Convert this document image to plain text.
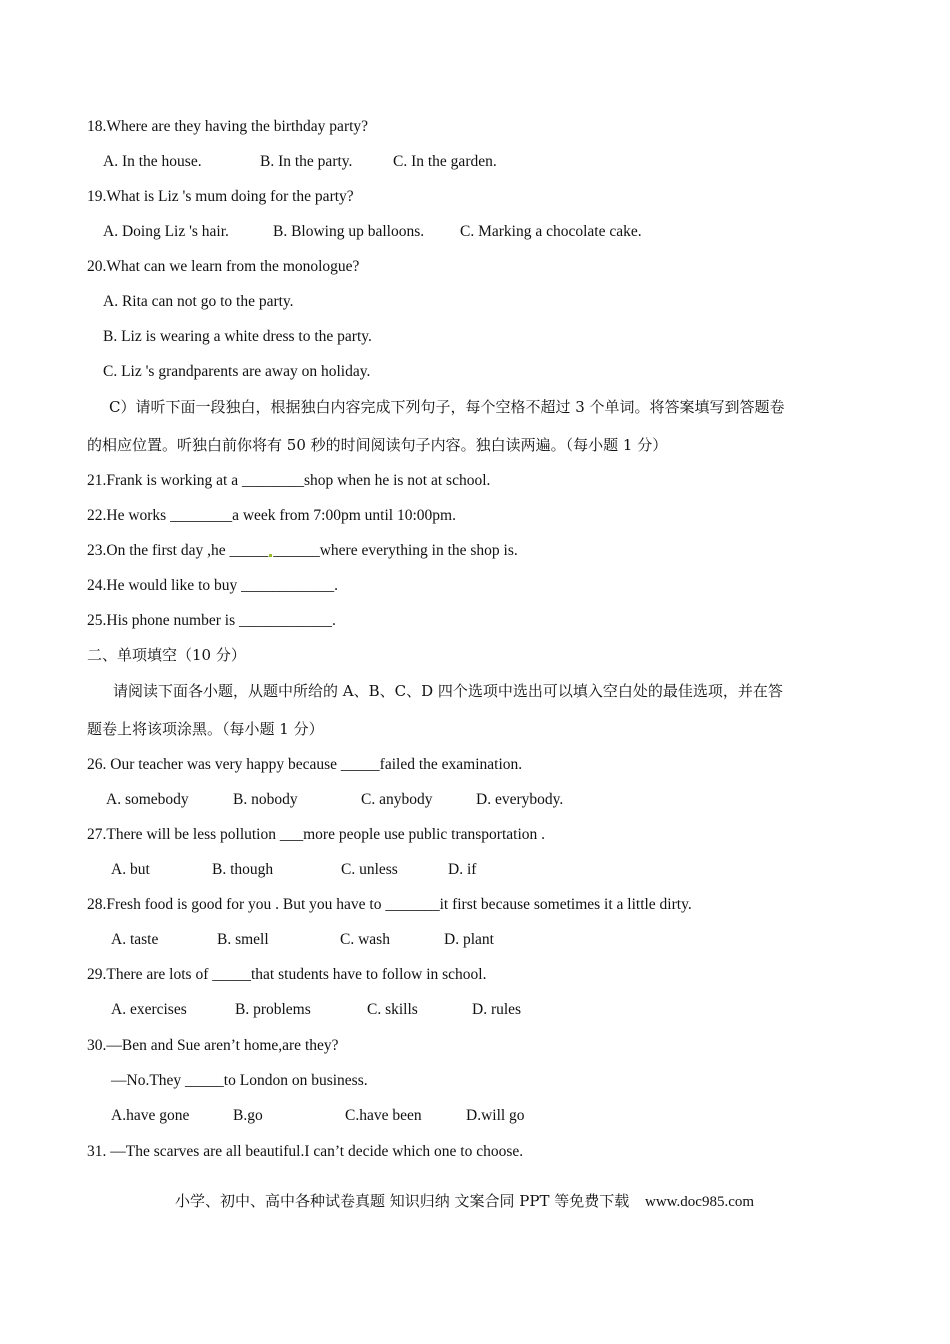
18.Where are they having the birthday party?
A. In the house.	B. In the party.	C. In the garden.
19.What is Liz 's mum doing for the party?
A. Doing Liz 's hair.	B. Blowing up balloons. C. Marking a chocolate cake.
20.What can we learn from the monologue?
A. Rita can not go to the party.
B. Liz is wearing a white dress to the party.
C. Liz 's grandparents are away on holiday.
C）请听下面一段独白，根据独白内容完成下列句子，每个空格不超过 3 个单词。将答案填写到答题卷
的相应位置。听独白前你将有 50 秒的时间阅读句子内容。独白读两遍。（每小题 1 分）
21.Frank is working at a ________shop when he is not at school.
22.He works ________a week from 7:00pm until 10:00pm.
23.On the first day ,he _____ ______where everything in the shop is.
24.He would like to buy ____________.
25.His phone number is ____________.
二、单项填空（10 分）
请阅读下面各小题，从题中所给的 A、B、C、D 四个选项中选出可以填入空白处的最佳选项，并在答
题卷上将该项涂黑。（每小题 1 分）
26. Our teacher was very happy because _____failed the examination.
A. somebody	B. nobody	C. anybody	D. everybody.
27.There will be less pollution ___more people use public transportation .
A. but	B. though	C. unless	D. if
28.Fresh food is good for you . But you have to _______it first because sometimes it a little dirty.
A. taste	B. smell	C. wash	D. plant
29.There are lots of _____that students have to follow in school.
A. exercises	B. problems	C. skills	D. rules
30.—Ben and Sue aren’t home,are they?
—No.They _____to London on business.
A.have gone	B.go	C.have been	D.will go
31. —The scarves are all beautiful.I can’t decide which one to choose.
小学、初中、高中各种试卷真题 知识归纳 文案合同 PPT 等免费下载 www.doc985.com
